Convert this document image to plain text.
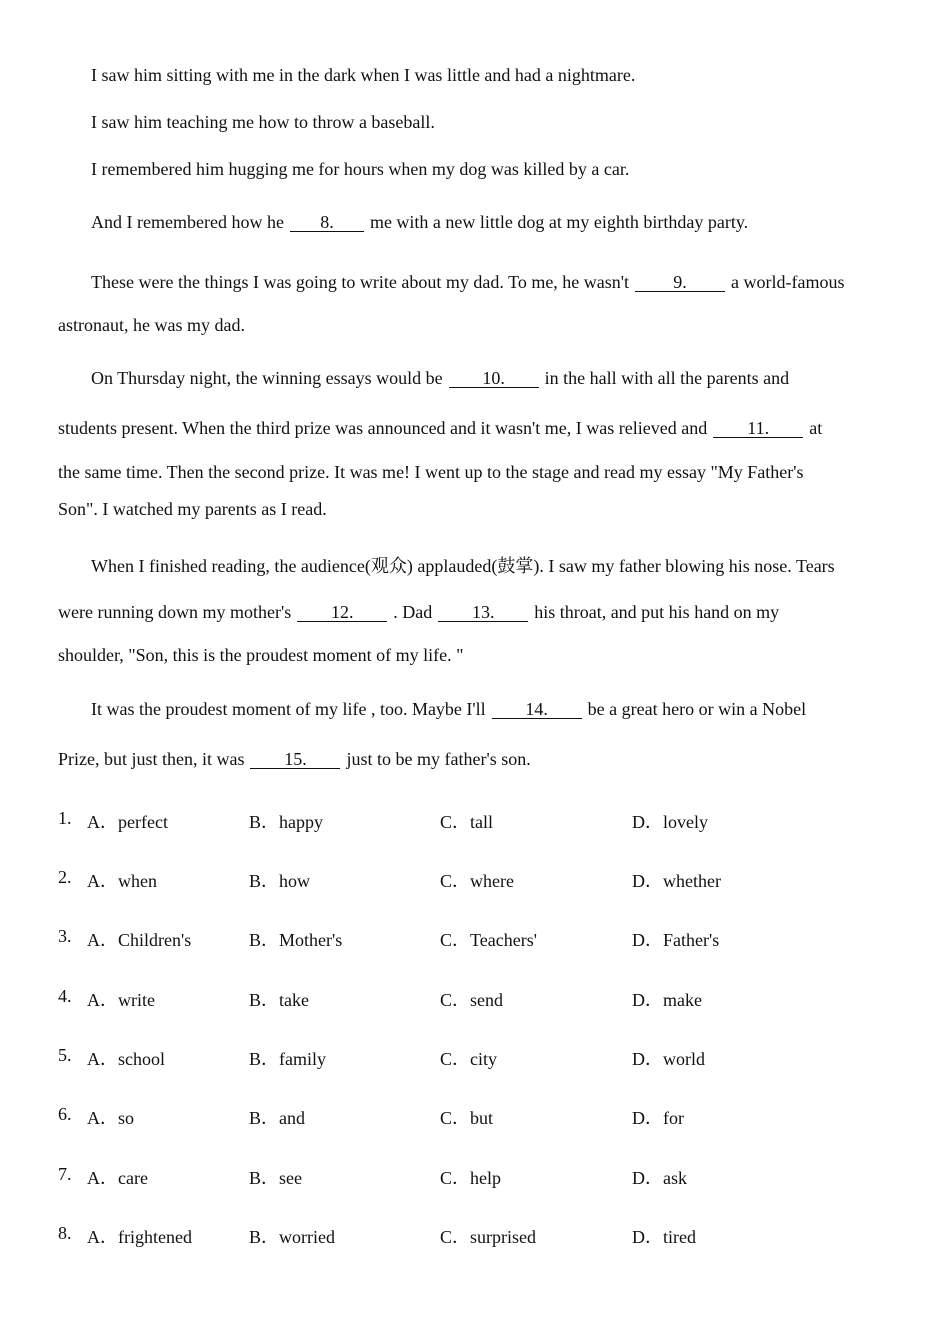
I saw him sitting with me in the dark when I was little and had a nightmare.
I saw him teaching me how to throw a baseball.
I remembered him hugging me for hours when my dog was killed by a car.
And I remembered how he 8. me with a new little dog at my eighth birthday party.
These were the things I was going to write about my dad. To me, he wasn't 9. a world-famous
astronaut, he was my dad.
On Thursday night, the winning essays would be 10. in the hall with all the parents and
students present. When the third prize was announced and it wasn't me, I was relieved and 11. at
the same time. Then the second prize. It was me! I went up to the stage and read my essay "My Father's
Son". I watched my parents as I read.
When I finished reading, the audience(观众) applauded(鼓掌). I saw my father blowing his nose. Tears
were running down my mother's 12. . Dad 13. his throat, and put his hand on my
shoulder, "Son, this is the proudest moment of my life. "
It was the proudest moment of my life , too. Maybe I'll 14. be a great hero or win a Nobel
Prize, but just then, it was 15. just to be my father's son.
1. A．perfect	B．happy	C．tall	D．lovely
2. A．when	B．how	C．where	D．whether
3. A．Children's	B．Mother's	C．Teachers'	D．Father's
4. A．write	B．take	C．send	D．make
5. A．school	B．family	C．city	D．world
6. A．so	B．and	C．but	D．for
7. A．care	B．see	C．help	D．ask
8. A．frightened	B．worried	C．surprised	D．tired
